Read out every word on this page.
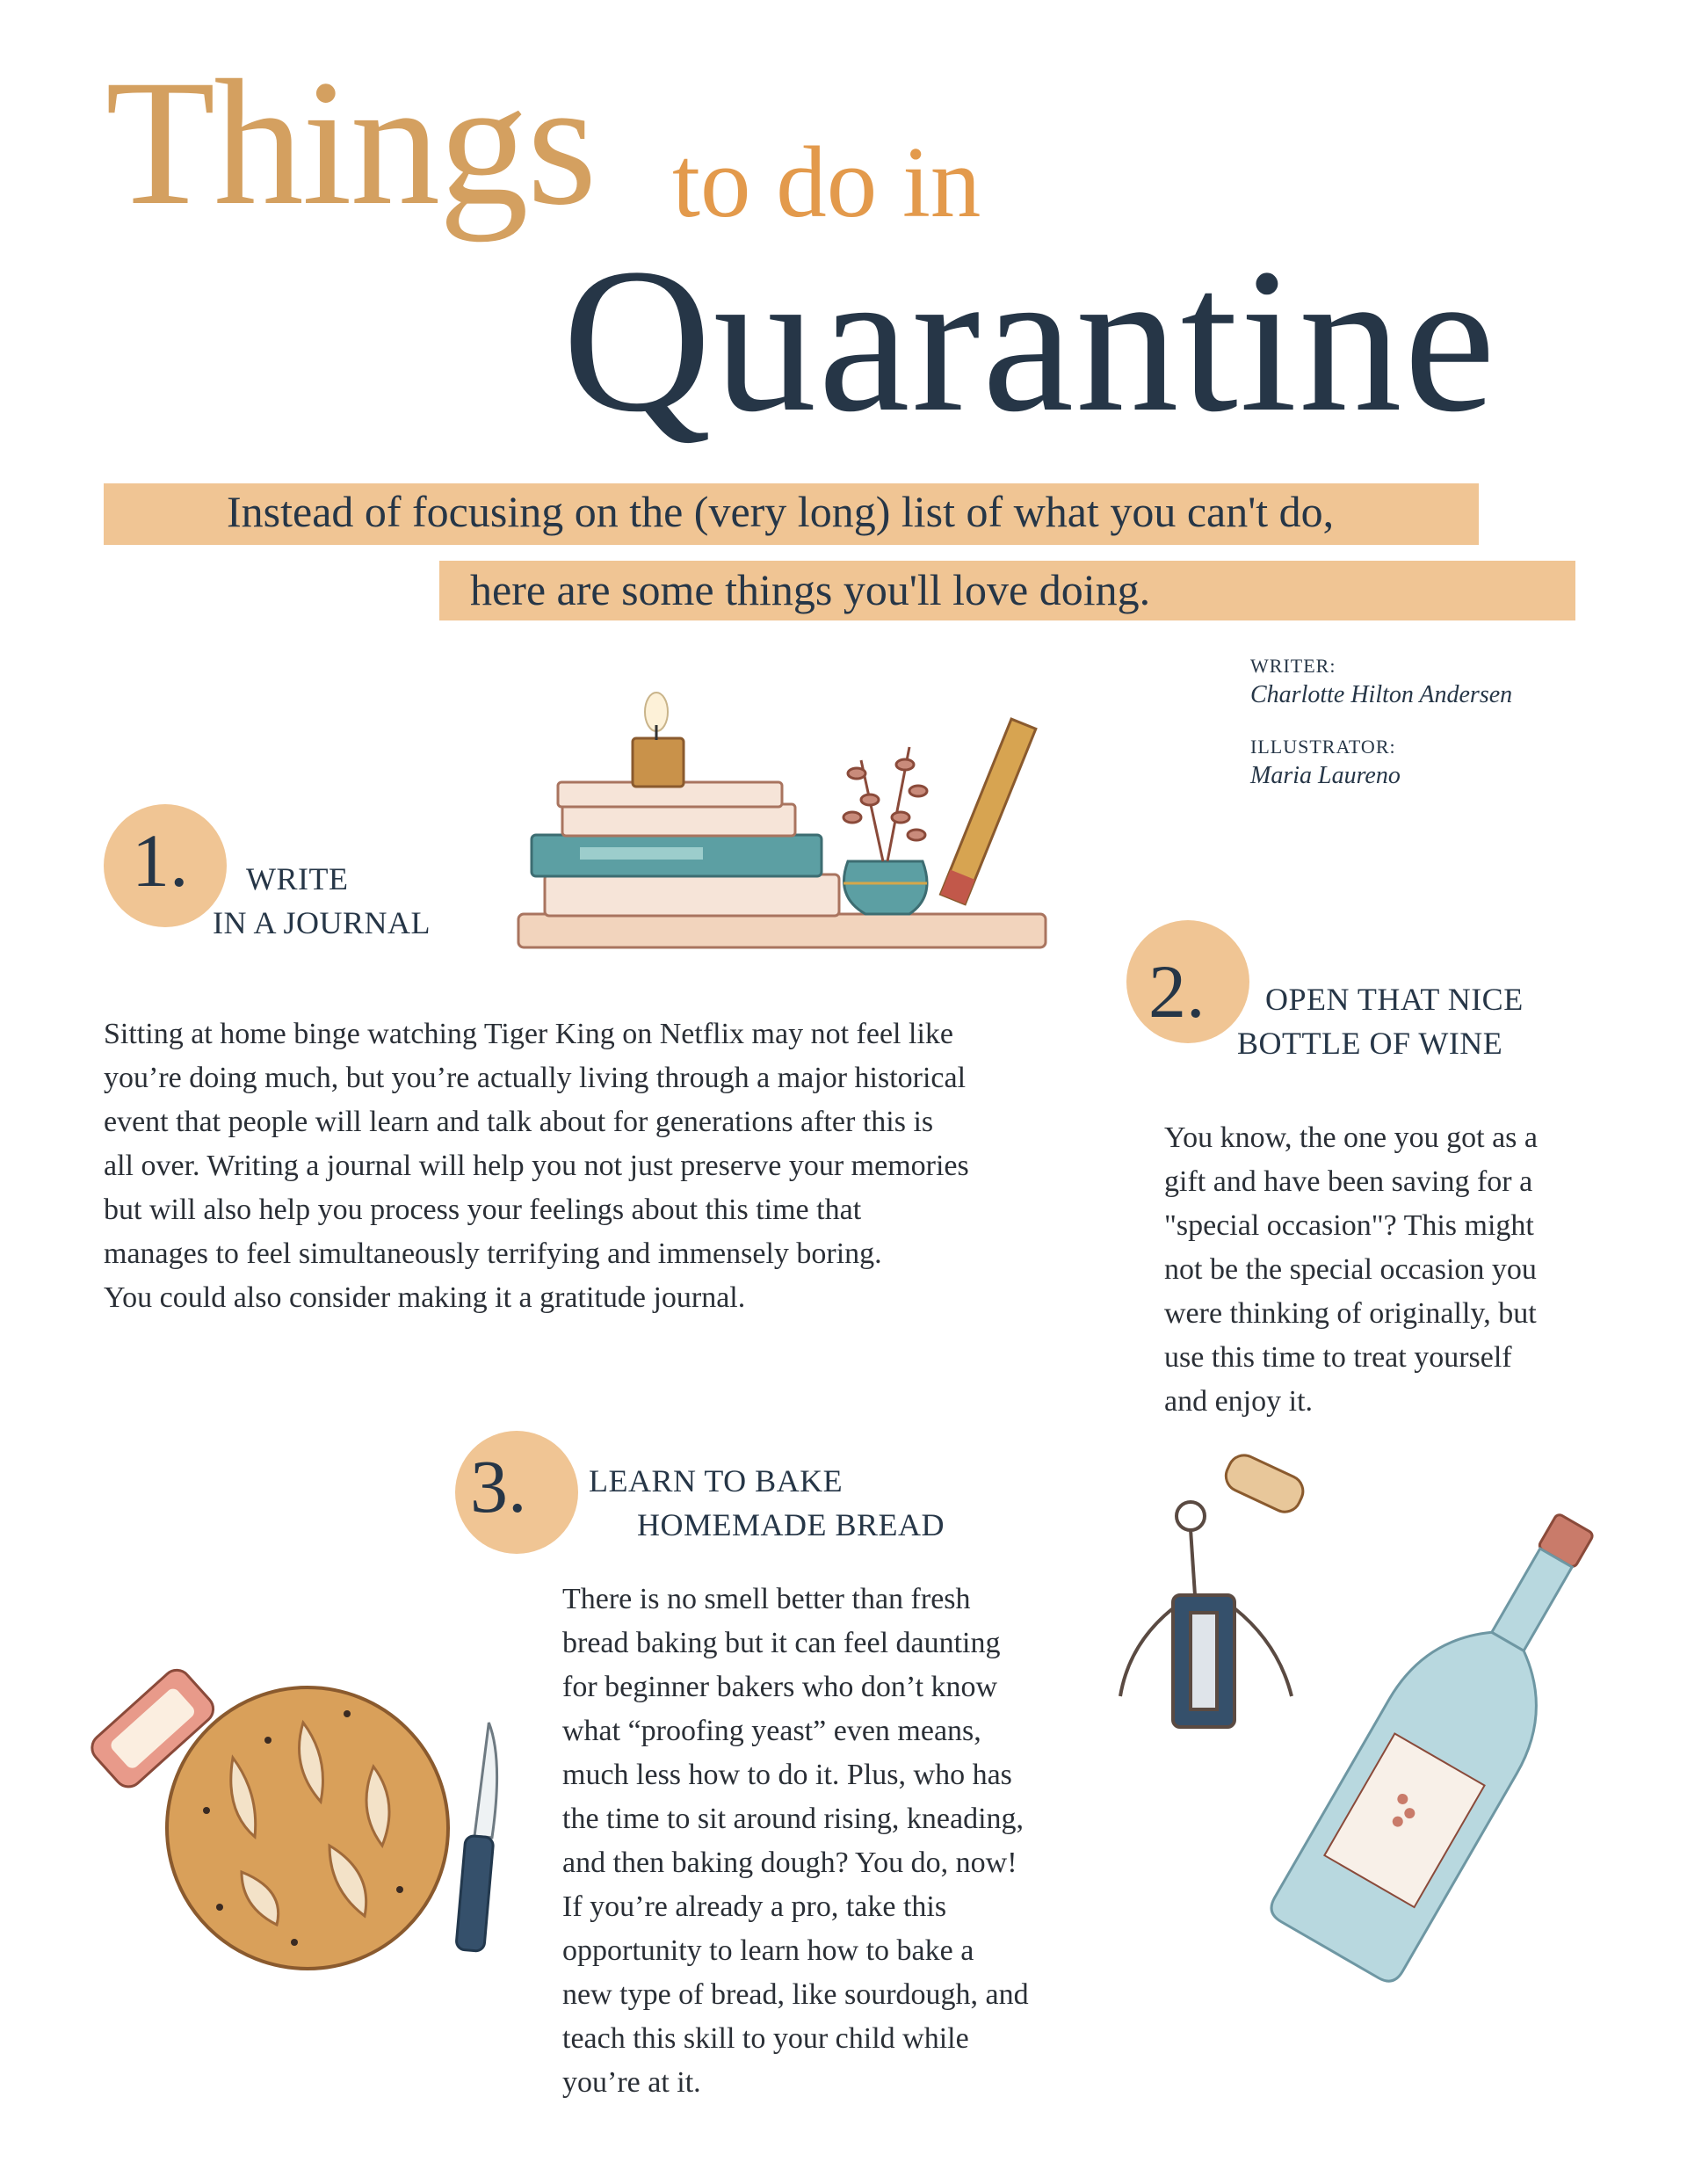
Things to do in
Quarantine
Instead of focusing on the (very long) list of what you can't do,
here are some things you'll love doing.
WRITER:
Charlotte Hilton Andersen
ILLUSTRATOR:
Maria Laureno
1. WRITE
IN A JOURNAL
Sitting at home binge watching Tiger King on Netflix may not feel like
you’re doing much, but you’re actually living through a major historical
event that people will learn and talk about for generations after this is
all over. Writing a journal will help you not just preserve your memories
but will also help you process your feelings about this time that
manages to feel simultaneously terrifying and immensely boring.
You could also consider making it a gratitude journal.
2. OPEN THAT NICE
BOTTLE OF WINE
You know, the one you got as a
gift and have been saving for a
"special occasion"? This might
not be the special occasion you
were thinking of originally, but
use this time to treat yourself
and enjoy it.
3. LEARN TO BAKE
HOMEMADE BREAD
There is no smell better than fresh
bread baking but it can feel daunting
for beginner bakers who don’t know
what “proofing yeast” even means,
much less how to do it. Plus, who has
the time to sit around rising, kneading,
and then baking dough? You do, now!
If you’re already a pro, take this
opportunity to learn how to bake a
new type of bread, like sourdough, and
teach this skill to your child while
you’re at it.
